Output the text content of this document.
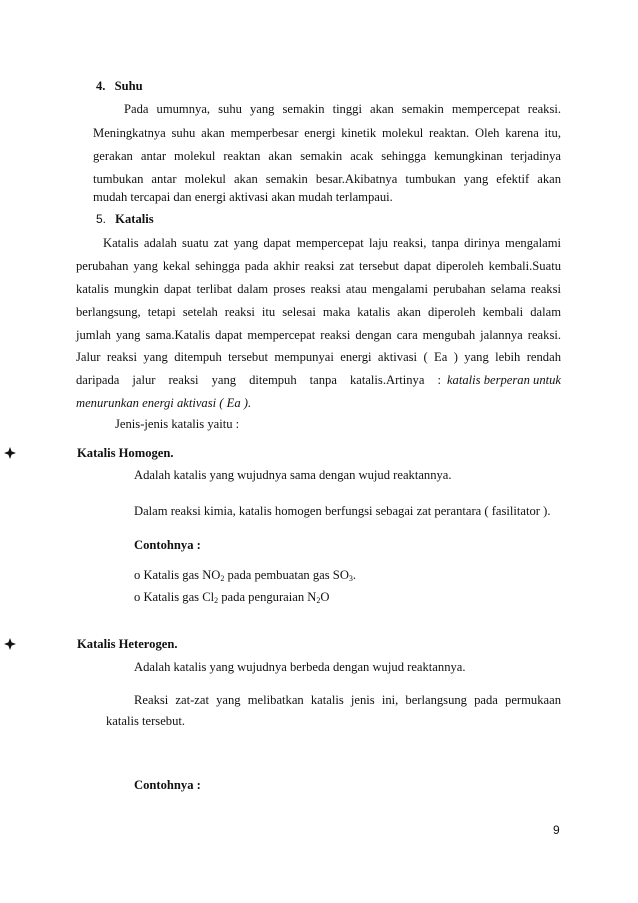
4. Suhu
Pada umumnya, suhu yang semakin tinggi akan semakin mempercepat reaksi.
Meningkatnya suhu akan memperbesar energi kinetik molekul reaktan. Oleh karena itu,
gerakan antar molekul reaktan akan semakin acak sehingga kemungkinan terjadinya
tumbukan antar molekul akan semakin besar.Akibatnya tumbukan yang efektif akan
mudah tercapai dan energi aktivasi akan mudah terlampaui.
5. Katalis
Katalis adalah suatu zat yang dapat mempercepat laju reaksi, tanpa dirinya mengalami
perubahan yang kekal sehingga pada akhir reaksi zat tersebut dapat diperoleh kembali.Suatu
katalis mungkin dapat terlibat dalam proses reaksi atau mengalami perubahan selama reaksi
berlangsung, tetapi setelah reaksi itu selesai maka katalis akan diperoleh kembali dalam
jumlah yang sama.Katalis dapat mempercepat reaksi dengan cara mengubah jalannya reaksi.
Jalur reaksi yang ditempuh tersebut mempunyai energi aktivasi ( Ea ) yang lebih rendah
daripada jalur reaksi yang ditempuh tanpa katalis.Artinya : katalis berperan untuk
menurunkan energi aktivasi ( Ea ).
Jenis-jenis katalis yaitu :
Katalis Homogen.
Adalah katalis yang wujudnya sama dengan wujud reaktannya.
Dalam reaksi kimia, katalis homogen berfungsi sebagai zat perantara ( fasilitator ).
Contohnya :
o Katalis gas $NO_2$ pada pembuatan gas $SO_3$.
o Katalis gas $Cl_2$ pada penguraian $N_2O$
Katalis Heterogen.
Adalah katalis yang wujudnya berbeda dengan wujud reaktannya.
Reaksi zat-zat yang melibatkan katalis jenis ini, berlangsung pada permukaan
katalis tersebut.
Contohnya :
9
